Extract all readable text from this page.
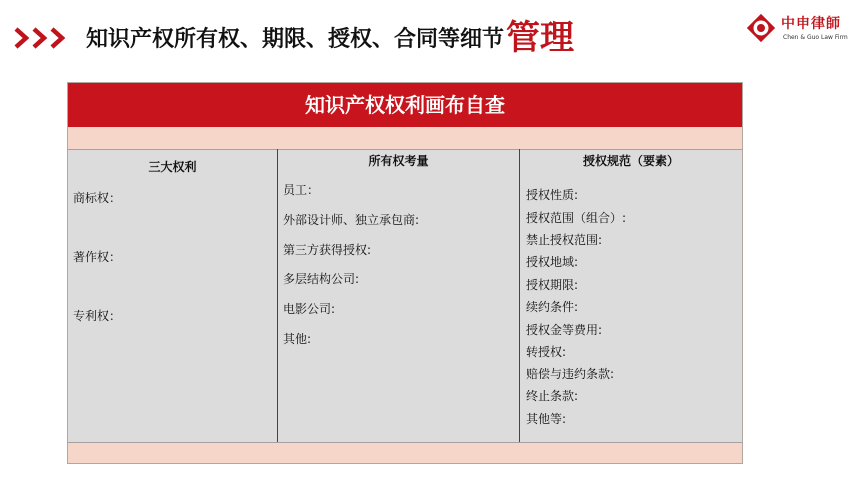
知识产权所有权、期限、授权、合同等细节管理	中申律師
Chen & Guo Law Firm
知识产权权利画布自查
三大权利
商标权：
著作权：
专利权：
所有权考量
员工：
外部设计师、独立承包商:
第三方获得授权:
多层结构公司:
电影公司:
其他:
授权规范（要素）
授权性质:
授权范围（组合）:
禁止授权范围:
授权地域:
授权期限:
续约条件:
授权金等费用:
转授权:
赔偿与违约条款:
终止条款:
其他等:
